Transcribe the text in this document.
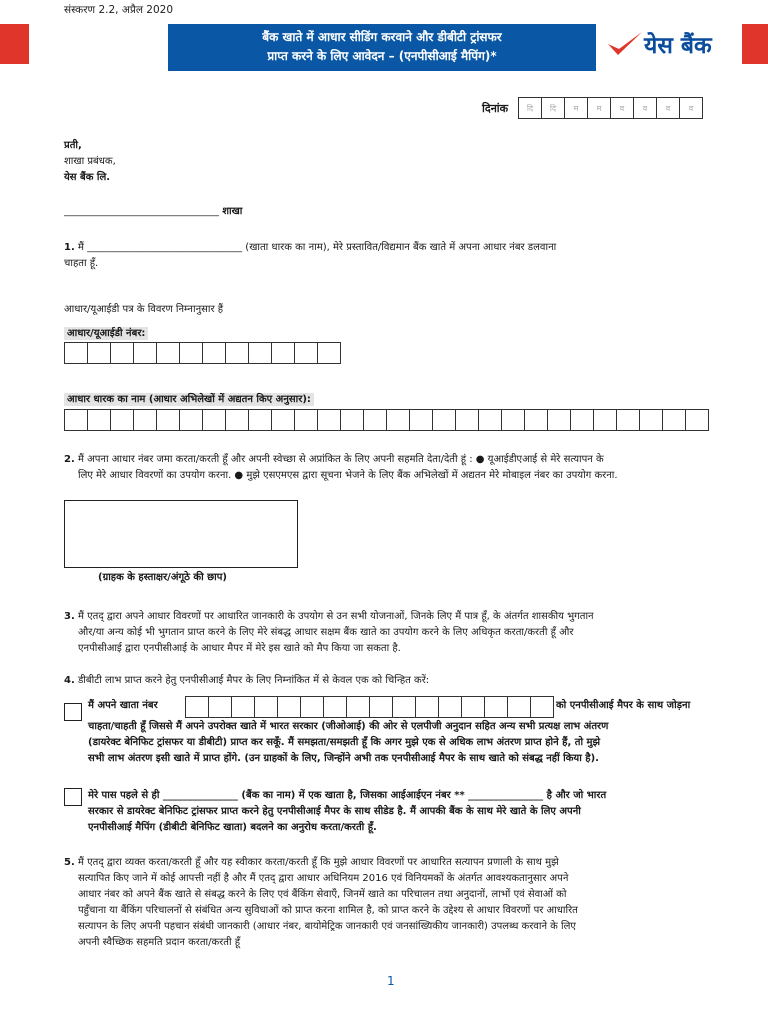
संस्करण 2.2, अप्रैल 2020
बैंक खाते में आधार सीडिंग करवाने और डीबीटी ट्रांसफर
प्राप्त करने के लिए आवेदन – (एनपीसीआई मैपिंग)*	येस बैंक
दिनांक	दि	दि	म	म	व	व	व	व
प्रती,
शाखा प्रबंधक,
येस बैंक लि.
_______________________________ शाखा
1. मैं _______________________________ (खाता धारक का नाम), मेरे प्रस्तावित/विद्यमान बैंक खाते में अपना आधार नंबर डलवाना
चाहता हूँ.
आधार/यूआईडी पत्र के विवरण निम्नानुसार हैं
आधार/यूआईडी नंबर:
आधार धारक का नाम (आधार अभिलेखों में अद्यतन किए अनुसार):
2. मैं अपना आधार नंबर जमा करता/करती हूँ और अपनी स्वेच्छा से अप्रांकित के लिए अपनी सहमति देता/देती हूं : ● यूआईडीएआई से मेरे सत्यापन के
लिए मेरे आधार विवरणों का उपयोग करना. ● मुझे एसएमएस द्वारा सूचना भेजने के लिए बैंक अभिलेखों में अद्यतन मेरे मोबाइल नंबर का उपयोग करना.
(ग्राहक के हस्ताक्षर/अंगूठे की छाप)
3. मैं एतद् द्वारा अपने आधार विवरणों पर आधारित जानकारी के उपयोग से उन सभी योजनाओं, जिनके लिए मैं पात्र हूँ, के अंतर्गत शासकीय भुगतान
और/या अन्य कोई भी भुगतान प्राप्त करने के लिए मेरे संबद्ध आधार सक्षम बैंक खाते का उपयोग करने के लिए अधिकृत करता/करती हूँ और
एनपीसीआई द्वारा एनपीसीआई के आधार मैपर में मेरे इस खाते को मैप किया जा सकता है.
4. डीबीटी लाभ प्राप्त करने हेतु एनपीसीआई मैपर के लिए निम्नांकित में से केवल एक को चिन्हित करें:
मैं अपने खाता नंबर	को एनपीसीआई मैपर के साथ जोड़ना
चाहता/चाहती हूँ जिससे मैं अपने उपरोक्त खाते में भारत सरकार (जीओआई) की ओर से एलपीजी अनुदान सहित अन्य सभी प्रत्यक्ष लाभ अंतरण
(डायरेक्ट बेनिफिट ट्रांसफर या डीबीटी) प्राप्त कर सकूँ. मैं समझता/समझती हूँ कि अगर मुझे एक से अधिक लाभ अंतरण प्राप्त होने हैं, तो मुझे
सभी लाभ अंतरण इसी खाते में प्राप्त होंगे. (उन ग्राहकों के लिए, जिन्होंने अभी तक एनपीसीआई मैपर के साथ खाते को संबद्ध नहीं किया है).
मेरे पास पहले से ही _______________ (बैंक का नाम) में एक खाता है, जिसका आईआईएन नंबर ** _______________ है और जो भारत
सरकार से डायरेक्ट बेनिफिट ट्रांसफर प्राप्त करने हेतु एनपीसीआई मैपर के साथ सीडेड है. मैं आपकी बैंक के साथ मेरे खाते के लिए अपनी
एनपीसीआई मैपिंग (डीबीटी बेनिफिट खाता) बदलने का अनुरोध करता/करती हूँ.
5. मैं एतद् द्वारा व्यक्त करता/करती हूँ और यह स्वीकार करता/करती हूँ कि मुझे आधार विवरणों पर आधारित सत्यापन प्रणाली के साथ मुझे
सत्यापित किए जाने में कोई आपत्ती नहीं है और मैं एतद् द्वारा आधार अधिनियम 2016 एवं विनियमकों के अंतर्गत आवश्यकतानुसार अपने
आधार नंबर को अपने बैंक खाते से संबद्ध करने के लिए एवं बैंकिंग सेवाएँ, जिनमें खाते का परिचालन तथा अनुदानों, लाभों एवं सेवाओं को
पहुँचाना या बैंकिंग परिचालनों से संबंधित अन्य सुविधाओं को प्राप्त करना शामिल है, को प्राप्त करने के उद्देश्य से आधार विवरणों पर आधारित
सत्यापन के लिए अपनी पहचान संबंधी जानकारी (आधार नंबर, बायोमेट्रिक जानकारी एवं जनसांख्यिकीय जानकारी) उपलब्ध करवाने के लिए
अपनी स्वैच्छिक सहमति प्रदान करता/करती हूँ
1
